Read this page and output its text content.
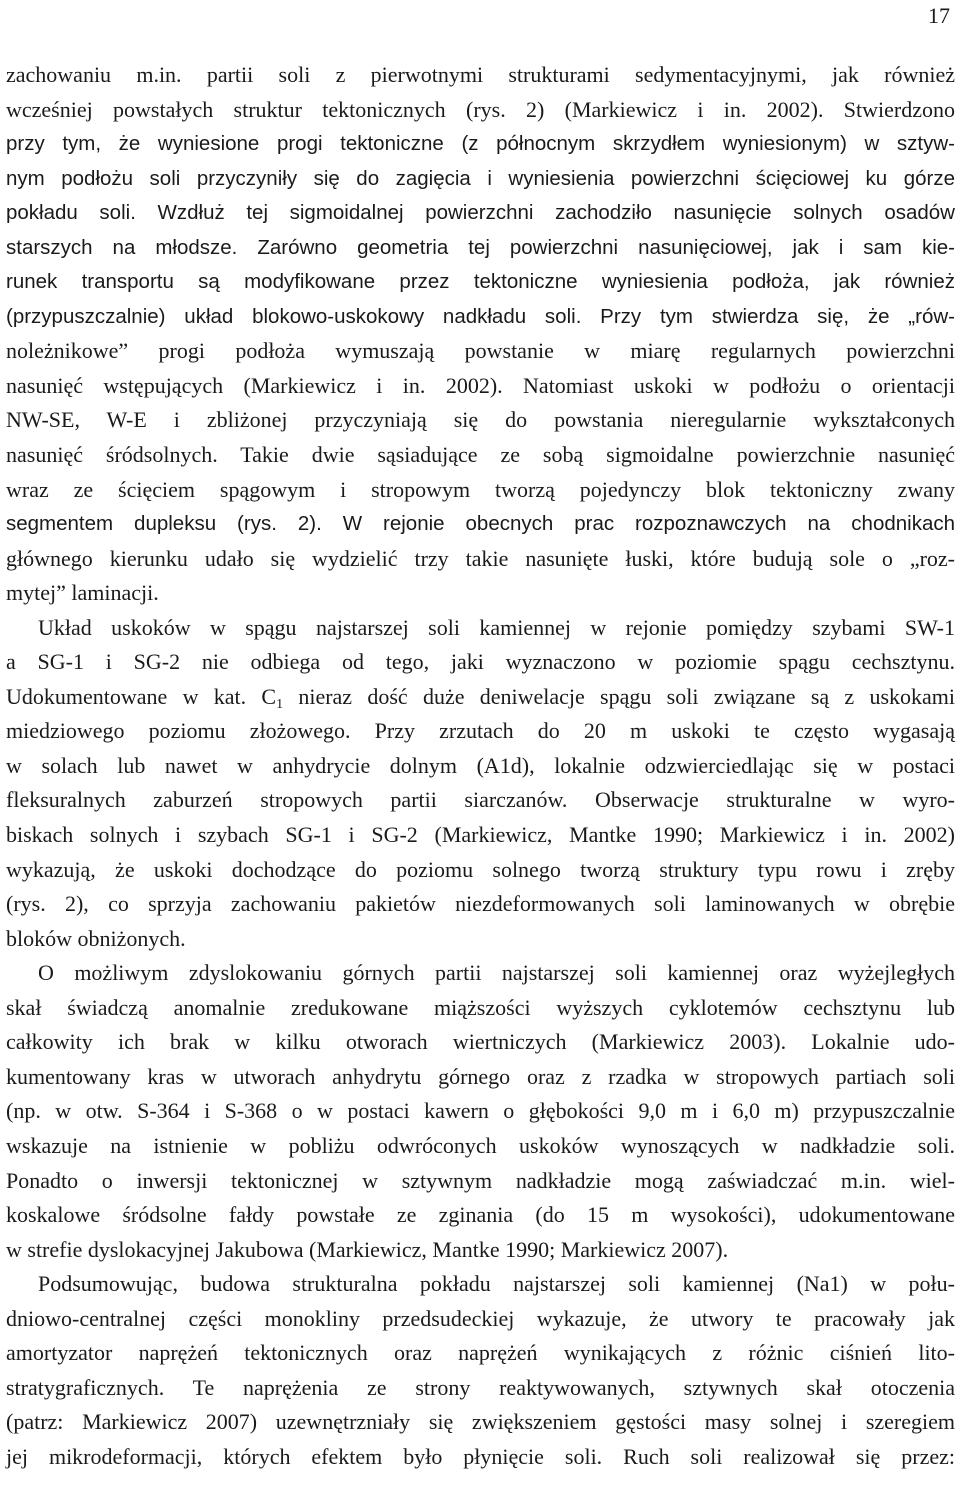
17
zachowaniu m.in. partii soli z pierwotnymi strukturami sedymentacyjnymi, jak również
wcześniej powstałych struktur tektonicznych (rys. 2) (Markiewicz i in. 2002). Stwierdzono
przy tym, że wyniesione progi tektoniczne (z północnym skrzydłem wyniesionym) w sztyw-
nym podłożu soli przyczyniły się do zagięcia i wyniesienia powierzchni ścięciowej ku górze
pokładu soli. Wzdłuż tej sigmoidalnej powierzchni zachodziło nasunięcie solnych osadów
starszych na młodsze. Zarówno geometria tej powierzchni nasunięciowej, jak i sam kie-
runek transportu są modyfikowane przez tektoniczne wyniesienia podłoża, jak również
(przypuszczalnie) układ blokowo-uskokowy nadkładu soli. Przy tym stwierdza się, że „rów-
noleżnikowe” progi podłoża wymuszają powstanie w miarę regularnych powierzchni
nasunięć wstępujących (Markiewicz i in. 2002). Natomiast uskoki w podłożu o orientacji
NW-SE, W-E i zbliżonej przyczyniają się do powstania nieregularnie wykształconych
nasunięć śródsolnych. Takie dwie sąsiadujące ze sobą sigmoidalne powierzchnie nasunięć
wraz ze ścięciem spągowym i stropowym tworzą pojedynczy blok tektoniczny zwany
segmentem dupleksu (rys. 2). W rejonie obecnych prac rozpoznawczych na chodnikach
głównego kierunku udało się wydzielić trzy takie nasunięte łuski, które budują sole o „roz-
mytej” laminacji.
Układ uskoków w spągu najstarszej soli kamiennej w rejonie pomiędzy szybami SW-1
a SG-1 i SG-2 nie odbiega od tego, jaki wyznaczono w poziomie spągu cechsztynu.
Udokumentowane w kat. $C_1$ nieraz dość duże deniwelacje spągu soli związane są z uskokami
miedziowego poziomu złożowego. Przy zrzutach do 20 m uskoki te często wygasają
w solach lub nawet w anhydrycie dolnym (A1d), lokalnie odzwierciedlając się w postaci
fleksuralnych zaburzeń stropowych partii siarczanów. Obserwacje strukturalne w wyro-
biskach solnych i szybach SG-1 i SG-2 (Markiewicz, Mantke 1990; Markiewicz i in. 2002)
wykazują, że uskoki dochodzące do poziomu solnego tworzą struktury typu rowu i zręby
(rys. 2), co sprzyja zachowaniu pakietów niezdeformowanych soli laminowanych w obrębie
bloków obniżonych.
O możliwym zdyslokowaniu górnych partii najstarszej soli kamiennej oraz wyżejległych
skał świadczą anomalnie zredukowane miąższości wyższych cyklotemów cechsztynu lub
całkowity ich brak w kilku otworach wiertniczych (Markiewicz 2003). Lokalnie udo-
kumentowany kras w utworach anhydrytu górnego oraz z rzadka w stropowych partiach soli
(np. w otw. S-364 i S-368 o w postaci kawern o głębokości 9,0 m i 6,0 m) przypuszczalnie
wskazuje na istnienie w pobliżu odwróconych uskoków wynoszących w nadkładzie soli.
Ponadto o inwersji tektonicznej w sztywnym nadkładzie mogą zaświadczać m.in. wiel-
koskalowe śródsolne fałdy powstałe ze zginania (do 15 m wysokości), udokumentowane
w strefie dyslokacyjnej Jakubowa (Markiewicz, Mantke 1990; Markiewicz 2007).
Podsumowując, budowa strukturalna pokładu najstarszej soli kamiennej (Na1) w połu-
dniowo-centralnej części monokliny przedsudeckiej wykazuje, że utwory te pracowały jak
amortyzator naprężeń tektonicznych oraz naprężeń wynikających z różnic ciśnień lito-
stratygraficznych. Te naprężenia ze strony reaktywowanych, sztywnych skał otoczenia
(patrz: Markiewicz 2007) uzewnętrzniały się zwiększeniem gęstości masy solnej i szeregiem
jej mikrodeformacji, których efektem było płynięcie soli. Ruch soli realizował się przez:
